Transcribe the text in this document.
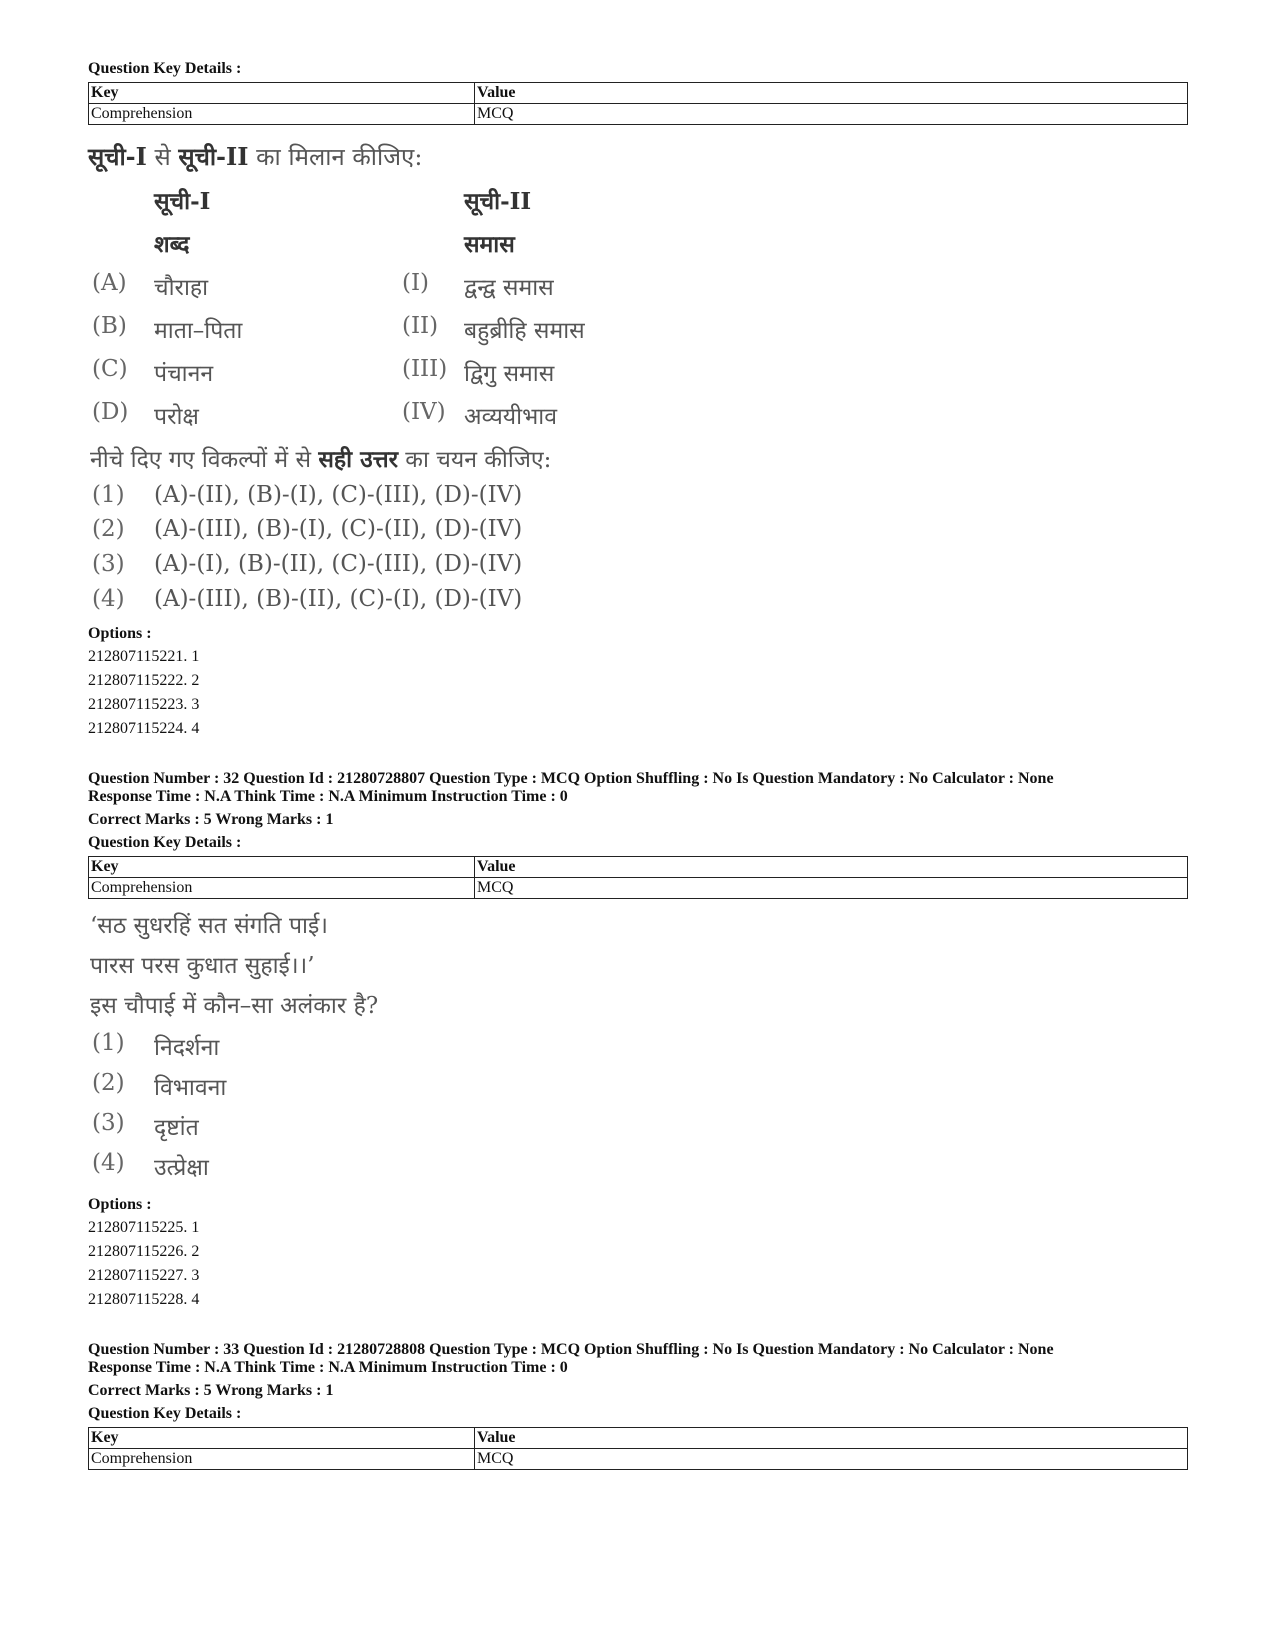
Question Key Details :
Key	Value
Comprehension	MCQ
सूची-I से सूची-II का मिलान कीजिए:
सूची-I	सूची-II
शब्द	समास
(A) चौराहा	(I) द्वन्द्व समास
(B) माता–पिता	(II) बहुब्रीहि समास
(C) पंचानन	(III) द्विगु समास
(D) परोक्ष	(IV) अव्ययीभाव
नीचे दिए गए विकल्पों में से सही उत्तर का चयन कीजिए:
(1) (A)-(II), (B)-(I), (C)-(III), (D)-(IV)
(2) (A)-(III), (B)-(I), (C)-(II), (D)-(IV)
(3) (A)-(I), (B)-(II), (C)-(III), (D)-(IV)
(4) (A)-(III), (B)-(II), (C)-(I), (D)-(IV)
Options :
212807115221. 1
212807115222. 2
212807115223. 3
212807115224. 4
Question Number : 32 Question Id : 21280728807 Question Type : MCQ Option Shuffling : No Is Question Mandatory : No Calculator : None
Response Time : N.A Think Time : N.A Minimum Instruction Time : 0
Correct Marks : 5 Wrong Marks : 1
Question Key Details :
Key	Value
Comprehension	MCQ
‘सठ सुधरहिं सत संगति पाई।
पारस परस कुधात सुहाई।।’
इस चौपाई में कौन–सा अलंकार है?
(1) निदर्शना
(2) विभावना
(3) दृष्टांत
(4) उत्प्रेक्षा
Options :
212807115225. 1
212807115226. 2
212807115227. 3
212807115228. 4
Question Number : 33 Question Id : 21280728808 Question Type : MCQ Option Shuffling : No Is Question Mandatory : No Calculator : None
Response Time : N.A Think Time : N.A Minimum Instruction Time : 0
Correct Marks : 5 Wrong Marks : 1
Question Key Details :
Key	Value
Comprehension	MCQ
